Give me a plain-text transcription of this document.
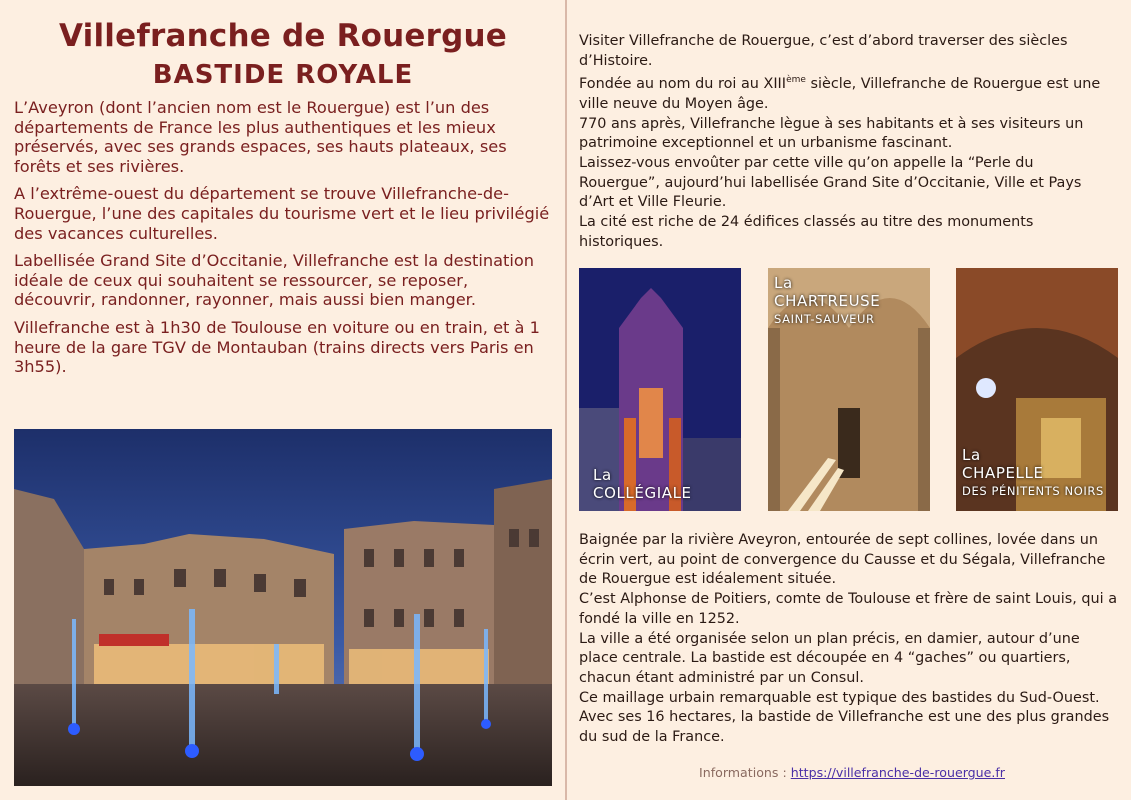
Villefranche de Rouergue
BASTIDE ROYALE

L’Aveyron (dont l’ancien nom est le Rouergue) est l’un des départements de France les plus authentiques et les mieux préservés, avec ses grands espaces, ses hauts plateaux, ses forêts et ses rivières.

A l’extrême-ouest du département se trouve Villefranche-de-Rouergue, l’une des capitales du tourisme vert et le lieu privilégié des vacances culturelles.

Labellisée Grand Site d’Occitanie, Villefranche est la destination idéale de ceux qui souhaitent se ressourcer, se reposer, découvrir, randonner, rayonner, mais aussi bien manger.

Villefranche est à 1h30 de Toulouse en voiture ou en train, et à 1 heure de la gare TGV de Montauban (trains directs vers Paris en 3h55).

Visiter Villefranche de Rouergue, c’est d’abord traverser des siècles d’Histoire.

Fondée au nom du roi au XIIIème siècle, Villefranche de Rouergue est une ville neuve du Moyen âge.

770 ans après, Villefranche lègue à ses habitants et à ses visiteurs un patrimoine exceptionnel et un urbanisme fascinant.

Laissez-vous envoûter par cette ville qu’on appelle la “Perle du Rouergue”, aujourd’hui labellisée Grand Site d’Occitanie, Ville et Pays d’Art et Ville Fleurie.

La cité est riche de 24 édifices classés au titre des monuments historiques.

La
COLLÉGIALE
La
CHARTREUSE
SAINT-SAUVEUR
La
CHAPELLE
DES PÉNITENTS NOIRS

Baignée par la rivière Aveyron, entourée de sept collines, lovée dans un écrin vert, au point de convergence du Causse et du Ségala, Villefranche de Rouergue est idéalement située.

C’est Alphonse de Poitiers, comte de Toulouse et frère de saint Louis, qui a fondé la ville en 1252.

La ville a été organisée selon un plan précis, en damier, autour d’une place centrale. La bastide est découpée en 4 “gaches” ou quartiers, chacun étant administré par un Consul.

Ce maillage urbain remarquable est typique des bastides du Sud-Ouest. Avec ses 16 hectares, la bastide de Villefranche est une des plus grandes du sud de la France.

Informations : https://villefranche-de-rouergue.fr
